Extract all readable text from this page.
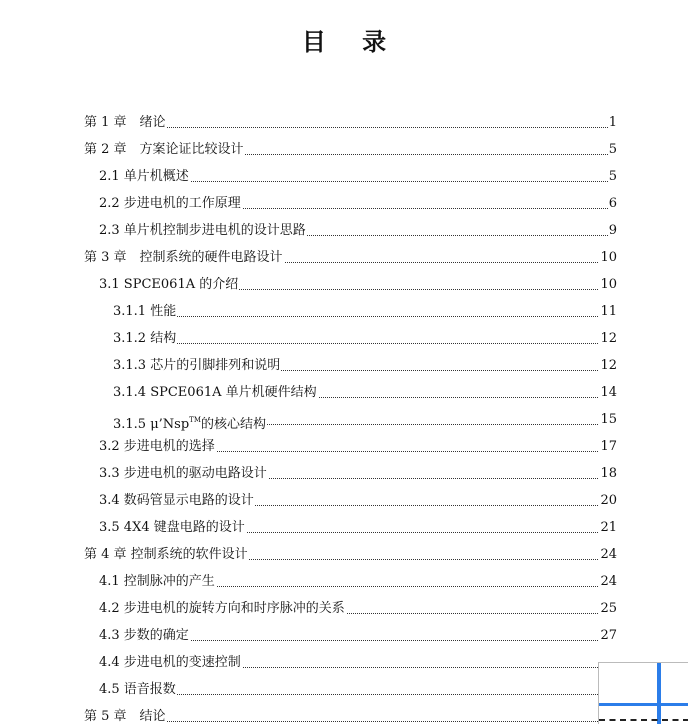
目 录
第 1 章　绪论	1
第 2 章　方案论证比较设计	5
2.1 单片机概述	5
2.2 步进电机的工作原理	6
2.3 单片机控制步进电机的设计思路	9
第 3 章　控制系统的硬件电路设计	10
3.1 SPCE061A 的介绍	10
3.1.1 性能	11
3.1.2 结构	12
3.1.3 芯片的引脚排列和说明	12
3.1.4 SPCE061A 单片机硬件结构	14
3.1.5 μ’Nsp™的核心结构	15
3.2 步进电机的选择	17
3.3 步进电机的驱动电路设计	18
3.4 数码管显示电路的设计	20
3.5 4X4 键盘电路的设计	21
第 4 章 控制系统的软件设计	24
4.1 控制脉冲的产生	24
4.2 步进电机的旋转方向和时序脉冲的关系	25
4.3 步数的确定	27
4.4 步进电机的变速控制
4.5 语音报数
第 5 章　结论
